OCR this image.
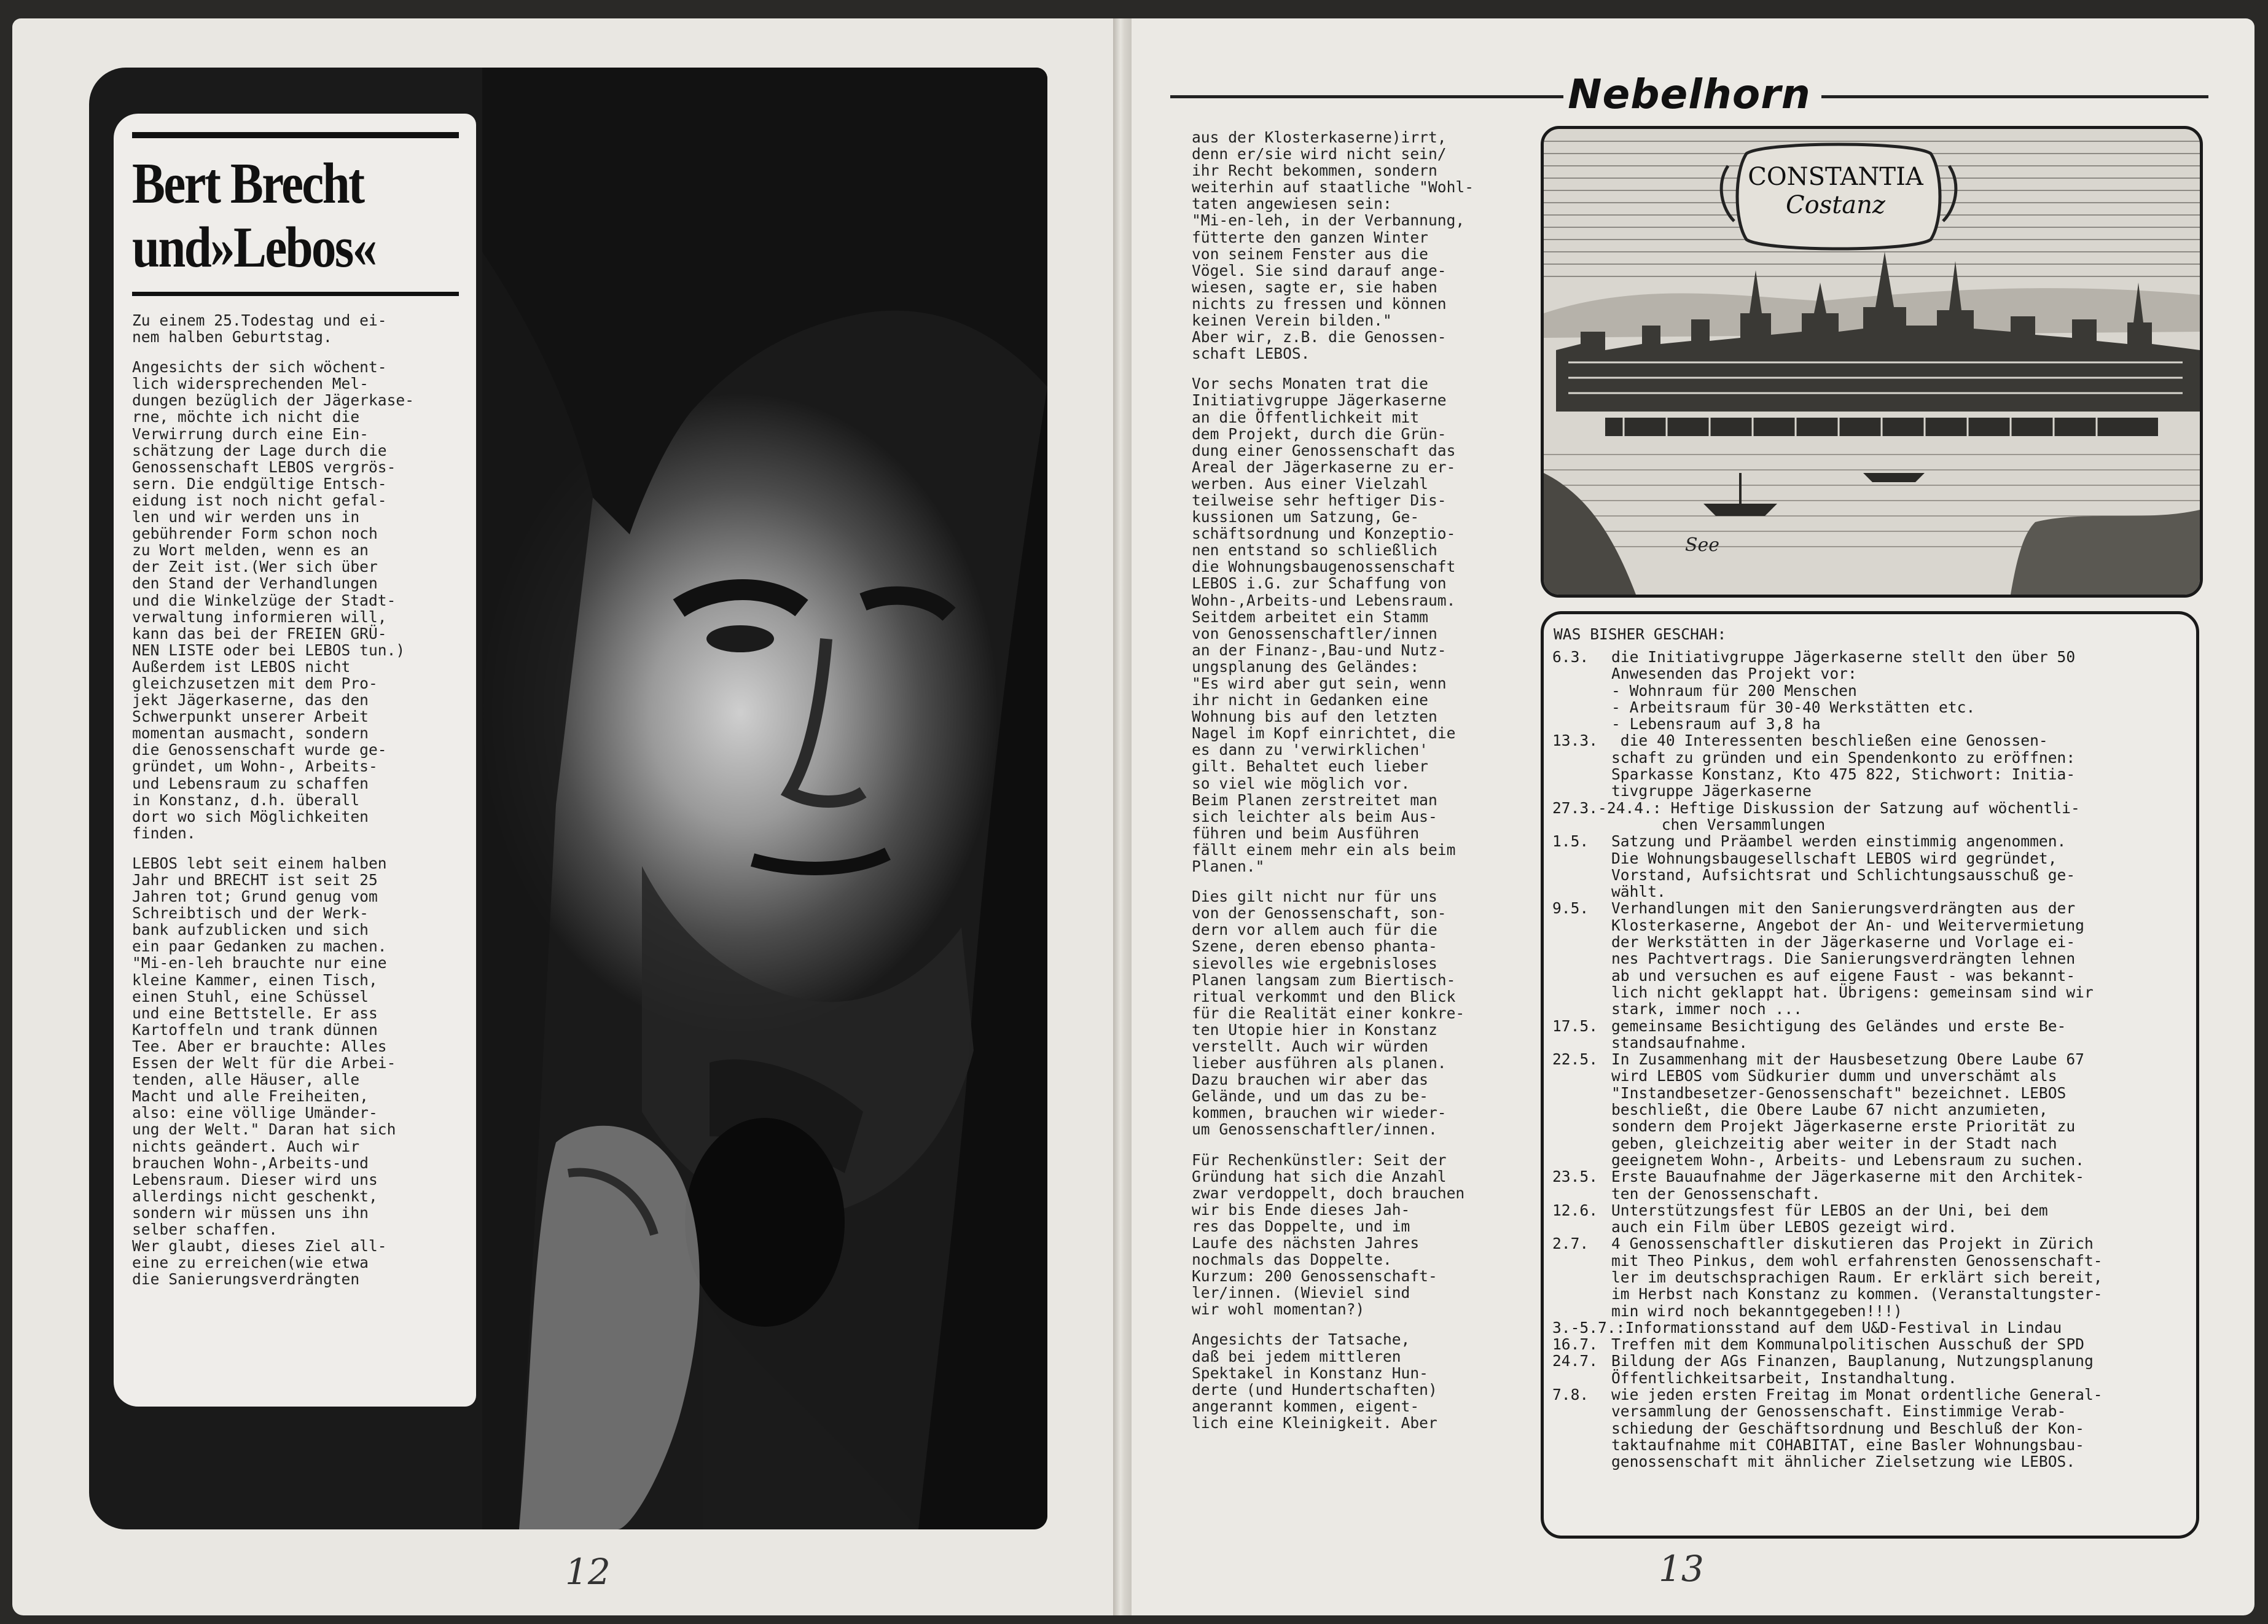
Bert Brecht
und»Lebos«

Zu einem 25.Todestag und ei-
nem halben Geburtstag.

Angesichts der sich wöchent-
lich widersprechenden Mel-
dungen bezüglich der Jägerkase-
rne, möchte ich nicht die
Verwirrung durch eine Ein-
schätzung der Lage durch die
Genossenschaft LEBOS vergrös-
sern. Die endgültige Entsch-
eidung ist noch nicht gefal-
len und wir werden uns in
gebührender Form schon noch
zu Wort melden, wenn es an
der Zeit ist.(Wer sich über
den Stand der Verhandlungen
und die Winkelzüge der Stadt-
verwaltung informieren will,
kann das bei der FREIEN GRÜ-
NEN LISTE oder bei LEBOS tun.)
Außerdem ist LEBOS nicht
gleichzusetzen mit dem Pro-
jekt Jägerkaserne, das den
Schwerpunkt unserer Arbeit
momentan ausmacht, sondern
die Genossenschaft wurde ge-
gründet, um Wohn-, Arbeits-
und Lebensraum zu schaffen
in Konstanz, d.h. überall
dort wo sich Möglichkeiten
finden.

LEBOS lebt seit einem halben
Jahr und BRECHT ist seit 25
Jahren tot; Grund genug vom
Schreibtisch und der Werk-
bank aufzublicken und sich
ein paar Gedanken zu machen.
"Mi-en-leh brauchte nur eine
kleine Kammer, einen Tisch,
einen Stuhl, eine Schüssel
und eine Bettstelle. Er ass
Kartoffeln und trank dünnen
Tee. Aber er brauchte: Alles
Essen der Welt für die Arbei-
tenden, alle Häuser, alle
Macht und alle Freiheiten,
also: eine völlige Umänder-
ung der Welt." Daran hat sich
nichts geändert. Auch wir
brauchen Wohn-,Arbeits-und
Lebensraum. Dieser wird uns
allerdings nicht geschenkt,
sondern wir müssen uns ihn
selber schaffen.
Wer glaubt, dieses Ziel all-
eine zu erreichen(wie etwa
die Sanierungsverdrängten

12
Nebelhorn

aus der Klosterkaserne)irrt,
denn er/sie wird nicht sein/
ihr Recht bekommen, sondern
weiterhin auf staatliche "Wohl-
taten angewiesen sein:
"Mi-en-leh, in der Verbannung,
fütterte den ganzen Winter
von seinem Fenster aus die
Vögel. Sie sind darauf ange-
wiesen, sagte er, sie haben
nichts zu fressen und können
keinen Verein bilden."
Aber wir, z.B. die Genossen-
schaft LEBOS.

Vor sechs Monaten trat die
Initiativgruppe Jägerkaserne
an die Öffentlichkeit mit
dem Projekt, durch die Grün-
dung einer Genossenschaft das
Areal der Jägerkaserne zu er-
werben. Aus einer Vielzahl
teilweise sehr heftiger Dis-
kussionen um Satzung, Ge-
schäftsordnung und Konzeptio-
nen entstand so schließlich
die Wohnungsbaugenossenschaft
LEBOS i.G. zur Schaffung von
Wohn-,Arbeits-und Lebensraum.
Seitdem arbeitet ein Stamm
von Genossenschaftler/innen
an der Finanz-,Bau-und Nutz-
ungsplanung des Geländes:
"Es wird aber gut sein, wenn
ihr nicht in Gedanken eine
Wohnung bis auf den letzten
Nagel im Kopf einrichtet, die
es dann zu 'verwirklichen'
gilt. Behaltet euch lieber
so viel wie möglich vor.
Beim Planen zerstreitet man
sich leichter als beim Aus-
führen und beim Ausführen
fällt einem mehr ein als beim
Planen."

Dies gilt nicht nur für uns
von der Genossenschaft, son-
dern vor allem auch für die
Szene, deren ebenso phanta-
sievolles wie ergebnisloses
Planen langsam zum Biertisch-
ritual verkommt und den Blick
für die Realität einer konkre-
ten Utopie hier in Konstanz
verstellt. Auch wir würden
lieber ausführen als planen.
Dazu brauchen wir aber das
Gelände, und um das zu be-
kommen, brauchen wir wieder-
um Genossenschaftler/innen.

Für Rechenkünstler: Seit der
Gründung hat sich die Anzahl
zwar verdoppelt, doch brauchen
wir bis Ende dieses Jah-
res das Doppelte, und im
Laufe des nächsten Jahres
nochmals das Doppelte.
Kurzum: 200 Genossenschaft-
ler/innen. (Wieviel sind
wir wohl momentan?)

Angesichts der Tatsache,
daß bei jedem mittleren
Spektakel in Konstanz Hun-
derte (und Hundertschaften)
angerannt kommen, eigent-
lich eine Kleinigkeit. Aber

CONSTANTIA
Costanz
See
WAS BISHER GESCHAH:
6.3.	die Initiativgruppe Jägerkaserne stellt den über 50
Anwesenden das Projekt vor:
- Wohnraum für 200 Menschen
- Arbeitsraum für 30-40 Werkstätten etc.
- Lebensraum auf 3,8 ha
13.3.	die 40 Interessenten beschließen eine Genossen-
schaft zu gründen und ein Spendenkonto zu eröffnen:
Sparkasse Konstanz, Kto 475 822, Stichwort: Initia-
tivgruppe Jägerkaserne
27.3.-24.4.: Heftige Diskussion der Satzung auf wöchentli-
chen Versammlungen
1.5.	Satzung und Präambel werden einstimmig angenommen.
Die Wohnungsbaugesellschaft LEBOS wird gegründet,
Vorstand, Aufsichtsrat und Schlichtungsausschuß ge-
wählt.
9.5.	Verhandlungen mit den Sanierungsverdrängten aus der
Klosterkaserne, Angebot der An- und Weitervermietung
der Werkstätten in der Jägerkaserne und Vorlage ei-
nes Pachtvertrags. Die Sanierungsverdrängten lehnen
ab und versuchen es auf eigene Faust - was bekannt-
lich nicht geklappt hat. Übrigens: gemeinsam sind wir
stark, immer noch ...
17.5. gemeinsame Besichtigung des Geländes und erste Be-
standsaufnahme.
22.5. In Zusammenhang mit der Hausbesetzung Obere Laube 67
wird LEBOS vom Südkurier dumm und unverschämt als
"Instandbesetzer-Genossenschaft" bezeichnet. LEBOS
beschließt, die Obere Laube 67 nicht anzumieten,
sondern dem Projekt Jägerkaserne erste Priorität zu
geben, gleichzeitig aber weiter in der Stadt nach
geeignetem Wohn-, Arbeits- und Lebensraum zu suchen.
23.5. Erste Bauaufnahme der Jägerkaserne mit den Architek-
ten der Genossenschaft.
12.6. Unterstützungsfest für LEBOS an der Uni, bei dem
auch ein Film über LEBOS gezeigt wird.
2.7.	4 Genossenschaftler diskutieren das Projekt in Zürich
mit Theo Pinkus, dem wohl erfahrensten Genossenschaft-
ler im deutschsprachigen Raum. Er erklärt sich bereit,
im Herbst nach Konstanz zu kommen. (Veranstaltungster-
min wird noch bekanntgegeben!!!)
3.-5.7.: Informationsstand auf dem U&D-Festival in Lindau
16.7. Treffen mit dem Kommunalpolitischen Ausschuß der SPD
24.7. Bildung der AGs Finanzen, Bauplanung, Nutzungsplanung
Öffentlichkeitsarbeit, Instandhaltung.
7.8.	wie jeden ersten Freitag im Monat ordentliche General-
versammlung der Genossenschaft. Einstimmige Verab-
schiedung der Geschäftsordnung und Beschluß der Kon-
taktaufnahme mit COHABITAT, eine Basler Wohnungsbau-
genossenschaft mit ähnlicher Zielsetzung wie LEBOS.
13
